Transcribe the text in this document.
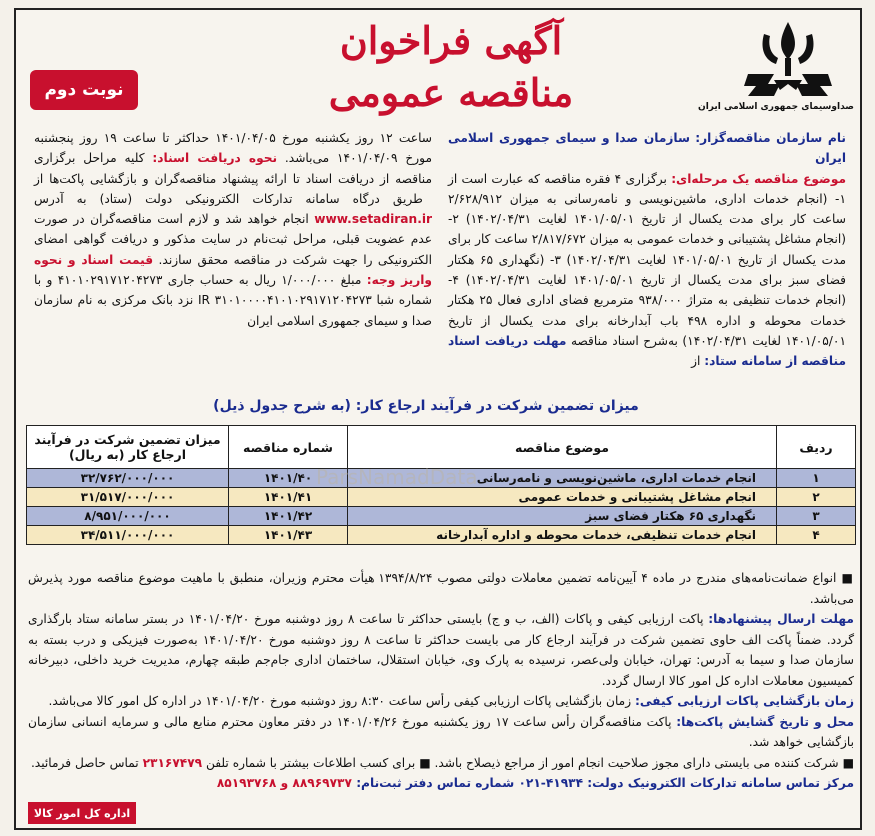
آگهی فراخوان
مناقصه عمومی
نوبت دوم
صداوسیمای جمهوری اسلامی ایران
نام سازمان مناقصه‌گزار: سازمان صدا و سیمای جمهوری اسلامی ایران
موضوع مناقصه یک مرحله‌ای: برگزاری ۴ فقره مناقصه که عبارت است از ۱- (انجام خدمات اداری، ماشین‌نویسی و نامه‌رسانی به میزان ۲/۶۲۸/۹۱۲ ساعت کار برای مدت یکسال از تاریخ ۱۴۰۱/۰۵/۰۱ لغایت ۱۴۰۲/۰۴/۳۱) ۲- (انجام مشاغل پشتیبانی و خدمات عمومی به میزان ۲/۸۱۷/۶۷۲ ساعت کار برای مدت یکسال از تاریخ ۱۴۰۱/۰۵/۰۱ لغایت ۱۴۰۲/۰۴/۳۱) ۳- (نگهداری ۶۵ هکتار فضای سبز برای مدت یکسال از تاریخ ۱۴۰۱/۰۵/۰۱ لغایت ۱۴۰۲/۰۴/۳۱) ۴- (انجام خدمات تنظیفی به متراژ ۹۳۸/۰۰۰ مترمربع فضای اداری فعال ۲۵ هکتار خدمات محوطه و اداره ۴۹۸ باب آبدارخانه برای مدت یکسال از تاریخ ۱۴۰۱/۰۵/۰۱ لغایت ۱۴۰۲/۰۴/۳۱) به‌شرح اسناد مناقصه مهلت دریافت اسناد مناقصه از سامانه ستاد: از
ساعت ۱۲ روز یکشنبه مورخ ۱۴۰۱/۰۴/۰۵ حداکثر تا ساعت ۱۹ روز پنجشنبه مورخ ۱۴۰۱/۰۴/۰۹ می‌باشد. نحوه دریافت اسناد: کلیه مراحل برگزاری مناقصه از دریافت اسناد تا ارائه پیشنهاد مناقصه‌گران و بازگشایی پاکت‌ها از طریق درگاه سامانه تدارکات الکترونیکی دولت (ستاد) به آدرس www.setadiran.ir انجام خواهد شد و لازم است مناقصه‌گران در صورت عدم عضویت قبلی، مراحل ثبت‌نام در سایت مذکور و دریافت گواهی امضای الکترونیکی را جهت شرکت در مناقصه محقق سازند. قیمت اسناد و نحوه واریز وجه: مبلغ ۱/۰۰۰/۰۰۰ ریال به حساب جاری ۴۱۰۱۰۲۹۱۷۱۲۰۴۲۷۳ و با شماره شبا IR ۳۱۰۱۰۰۰۰۴۱۰۱۰۲۹۱۷۱۲۰۴۲۷۳ نزد بانک مرکزی به نام سازمان صدا و سیمای جمهوری اسلامی ایران
میزان تضمین شرکت در فرآیند ارجاع کار: (به شرح جدول ذیل)
ردیف	موضوع مناقصه	شماره مناقصه	میزان تضمین شرکت در فرآیند ارجاع کار (به ریال)
۱	انجام خدمات اداری، ماشین‌نویسی و نامه‌رسانی	۱۴۰۱/۴۰	۳۲/۷۶۲/۰۰۰/۰۰۰
۲	انجام مشاغل پشتیبانی و خدمات عمومی	۱۴۰۱/۴۱	۳۱/۵۱۷/۰۰۰/۰۰۰
۳	نگهداری ۶۵ هکتار فضای سبز	۱۴۰۱/۴۲	۸/۹۵۱/۰۰۰/۰۰۰
۴	انجام خدمات تنظیفی، خدمات محوطه و اداره آبدارخانه	۱۴۰۱/۴۳	۳۴/۵۱۱/۰۰۰/۰۰۰
ParsNamadData

■ انواع ضمانت‌نامه‌های مندرج در ماده ۴ آیین‌نامه تضمین معاملات دولتی مصوب ۱۳۹۴/۸/۲۴ هیأت محترم وزیران، منطبق با ماهیت موضوع مناقصه مورد پذیرش می‌باشد.

مهلت ارسال پیشنهادها: پاکت ارزیابی کیفی و پاکات (الف، ب و ج) بایستی حداکثر تا ساعت ۸ روز دوشنبه مورخ ۱۴۰۱/۰۴/۲۰ در بستر سامانه ستاد بارگذاری گردد. ضمناً پاکت الف حاوی تضمین شرکت در فرآیند ارجاع کار می بایست حداکثر تا ساعت ۸ روز دوشنبه مورخ ۱۴۰۱/۰۴/۲۰ به‌صورت فیزیکی و درب بسته به سازمان صدا و سیما به آدرس: تهران، خیابان ولی‌عصر، نرسیده به پارک وی، خیابان استقلال، ساختمان اداری جام‌جم طبقه چهارم، مدیریت خرید داخلی، دبیرخانه کمیسیون معاملات اداره کل امور کالا ارسال گردد.

زمان بازگشایی پاکات ارزیابی کیفی: زمان بازگشایی پاکات ارزیابی کیفی رأس ساعت ۸:۳۰ روز دوشنبه مورخ ۱۴۰۱/۰۴/۲۰ در اداره کل امور کالا می‌باشد.

محل و تاریخ گشایش پاکت‌ها: پاکت مناقصه‌گران رأس ساعت ۱۷ روز یکشنبه مورخ ۱۴۰۱/۰۴/۲۶ در دفتر معاون محترم منابع مالی و سرمایه انسانی سازمان بازگشایی خواهد شد.

■ شرکت کننده می بایستی دارای مجوز صلاحیت انجام امور از مراجع ذیصلاح باشد. ■ برای کسب اطلاعات بیشتر با شماره تلفن ۲۳۱۶۷۴۷۹ تماس حاصل فرمائید.

مرکز تماس سامانه تدارکات الکترونیک دولت: ۴۱۹۳۴-۰۲۱ شماره تماس دفتر ثبت‌نام: ۸۸۹۶۹۷۳۷ و ۸۵۱۹۳۷۶۸

اداره کل امور کالا
